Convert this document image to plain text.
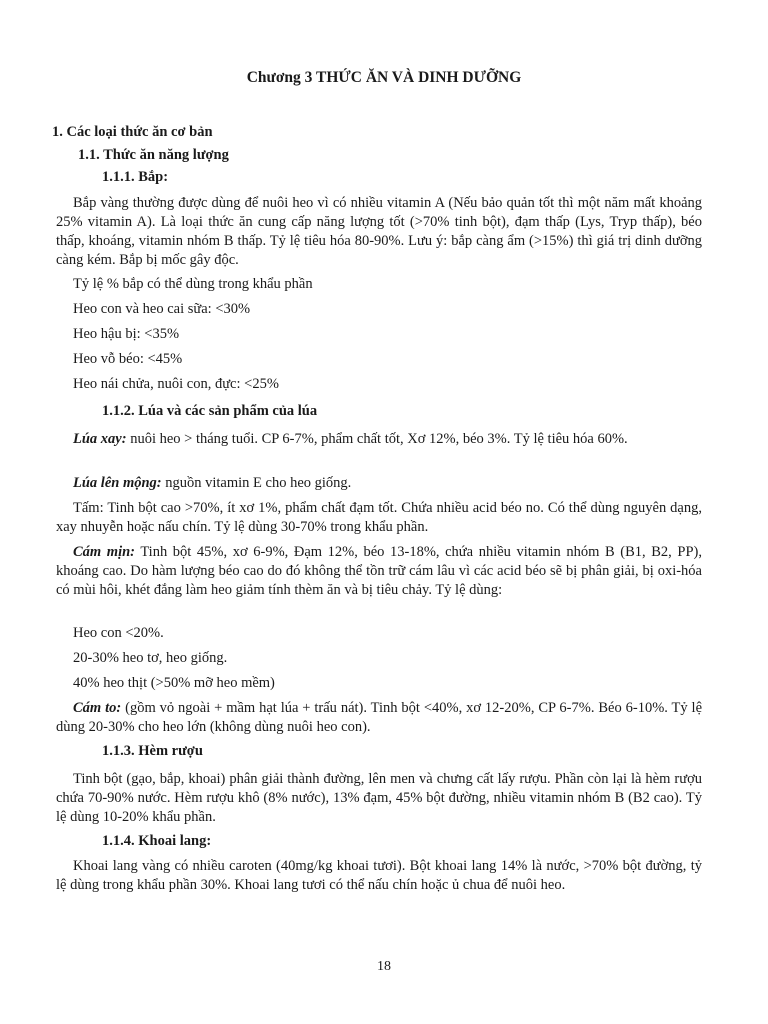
Chương 3 THỨC ĂN VÀ DINH DƯỠNG
1. Các loại thức ăn cơ bản
1.1. Thức ăn năng lượng
1.1.1. Bắp:
Bắp vàng thường được dùng để nuôi heo vì có nhiều vitamin A (Nếu bảo quản tốt thì một năm mất khoảng 25% vitamin A). Là loại thức ăn cung cấp năng lượng tốt (>70% tinh bột), đạm thấp (Lys, Tryp thấp), béo thấp, khoáng, vitamin nhóm B thấp. Tỷ lệ tiêu hóa 80-90%. Lưu ý: bắp càng ẩm (>15%) thì giá trị dinh dưỡng càng kém. Bắp bị mốc gây độc.
Tỷ lệ % bắp có thể dùng trong khẩu phần
Heo con và heo cai sữa: <30%
Heo hậu bị: <35%
Heo vỗ béo: <45%
Heo nái chửa, nuôi con, đực: <25%
1.1.2. Lúa và các sản phẩm của lúa
Lúa xay: nuôi heo > tháng tuổi. CP 6-7%, phẩm chất tốt, Xơ 12%, béo 3%. Tỷ lệ tiêu hóa 60%.
Lúa lên mộng: nguồn vitamin E cho heo giống.
Tấm: Tinh bột cao >70%, ít xơ 1%, phẩm chất đạm tốt. Chứa nhiều acid béo no. Có thể dùng nguyên dạng, xay nhuyễn hoặc nấu chín. Tỷ lệ dùng 30-70% trong khẩu phần.
Cám mịn: Tinh bột 45%, xơ 6-9%, Đạm 12%, béo 13-18%, chứa nhiều vitamin nhóm B (B1, B2, PP), khoáng cao. Do hàm lượng béo cao do đó không thể tồn trữ cám lâu vì các acid béo sẽ bị phân giải, bị oxi-hóa có mùi hôi, khét đắng làm heo giảm tính thèm ăn và bị tiêu chảy. Tỷ lệ dùng:
Heo con <20%.
20-30% heo tơ, heo giống.
40% heo thịt (>50% mỡ heo mềm)
Cám to: (gồm vỏ ngoài + mầm hạt lúa + trấu nát). Tinh bột <40%, xơ 12-20%, CP 6-7%. Béo 6-10%. Tỷ lệ dùng 20-30% cho heo lớn (không dùng nuôi heo con).
1.1.3. Hèm rượu
Tinh bột (gạo, bắp, khoai) phân giải thành đường, lên men và chưng cất lấy rượu. Phần còn lại là hèm rượu chứa 70-90% nước. Hèm rượu khô (8% nước), 13% đạm, 45% bột đường, nhiều vitamin nhóm B (B2 cao). Tỷ lệ dùng 10-20% khẩu phần.
1.1.4. Khoai lang:
Khoai lang vàng có nhiều caroten (40mg/kg khoai tươi). Bột khoai lang 14% là nước, >70% bột đường, tỷ lệ dùng trong khẩu phần 30%. Khoai lang tươi có thể nấu chín hoặc ủ chua để nuôi heo.
18
